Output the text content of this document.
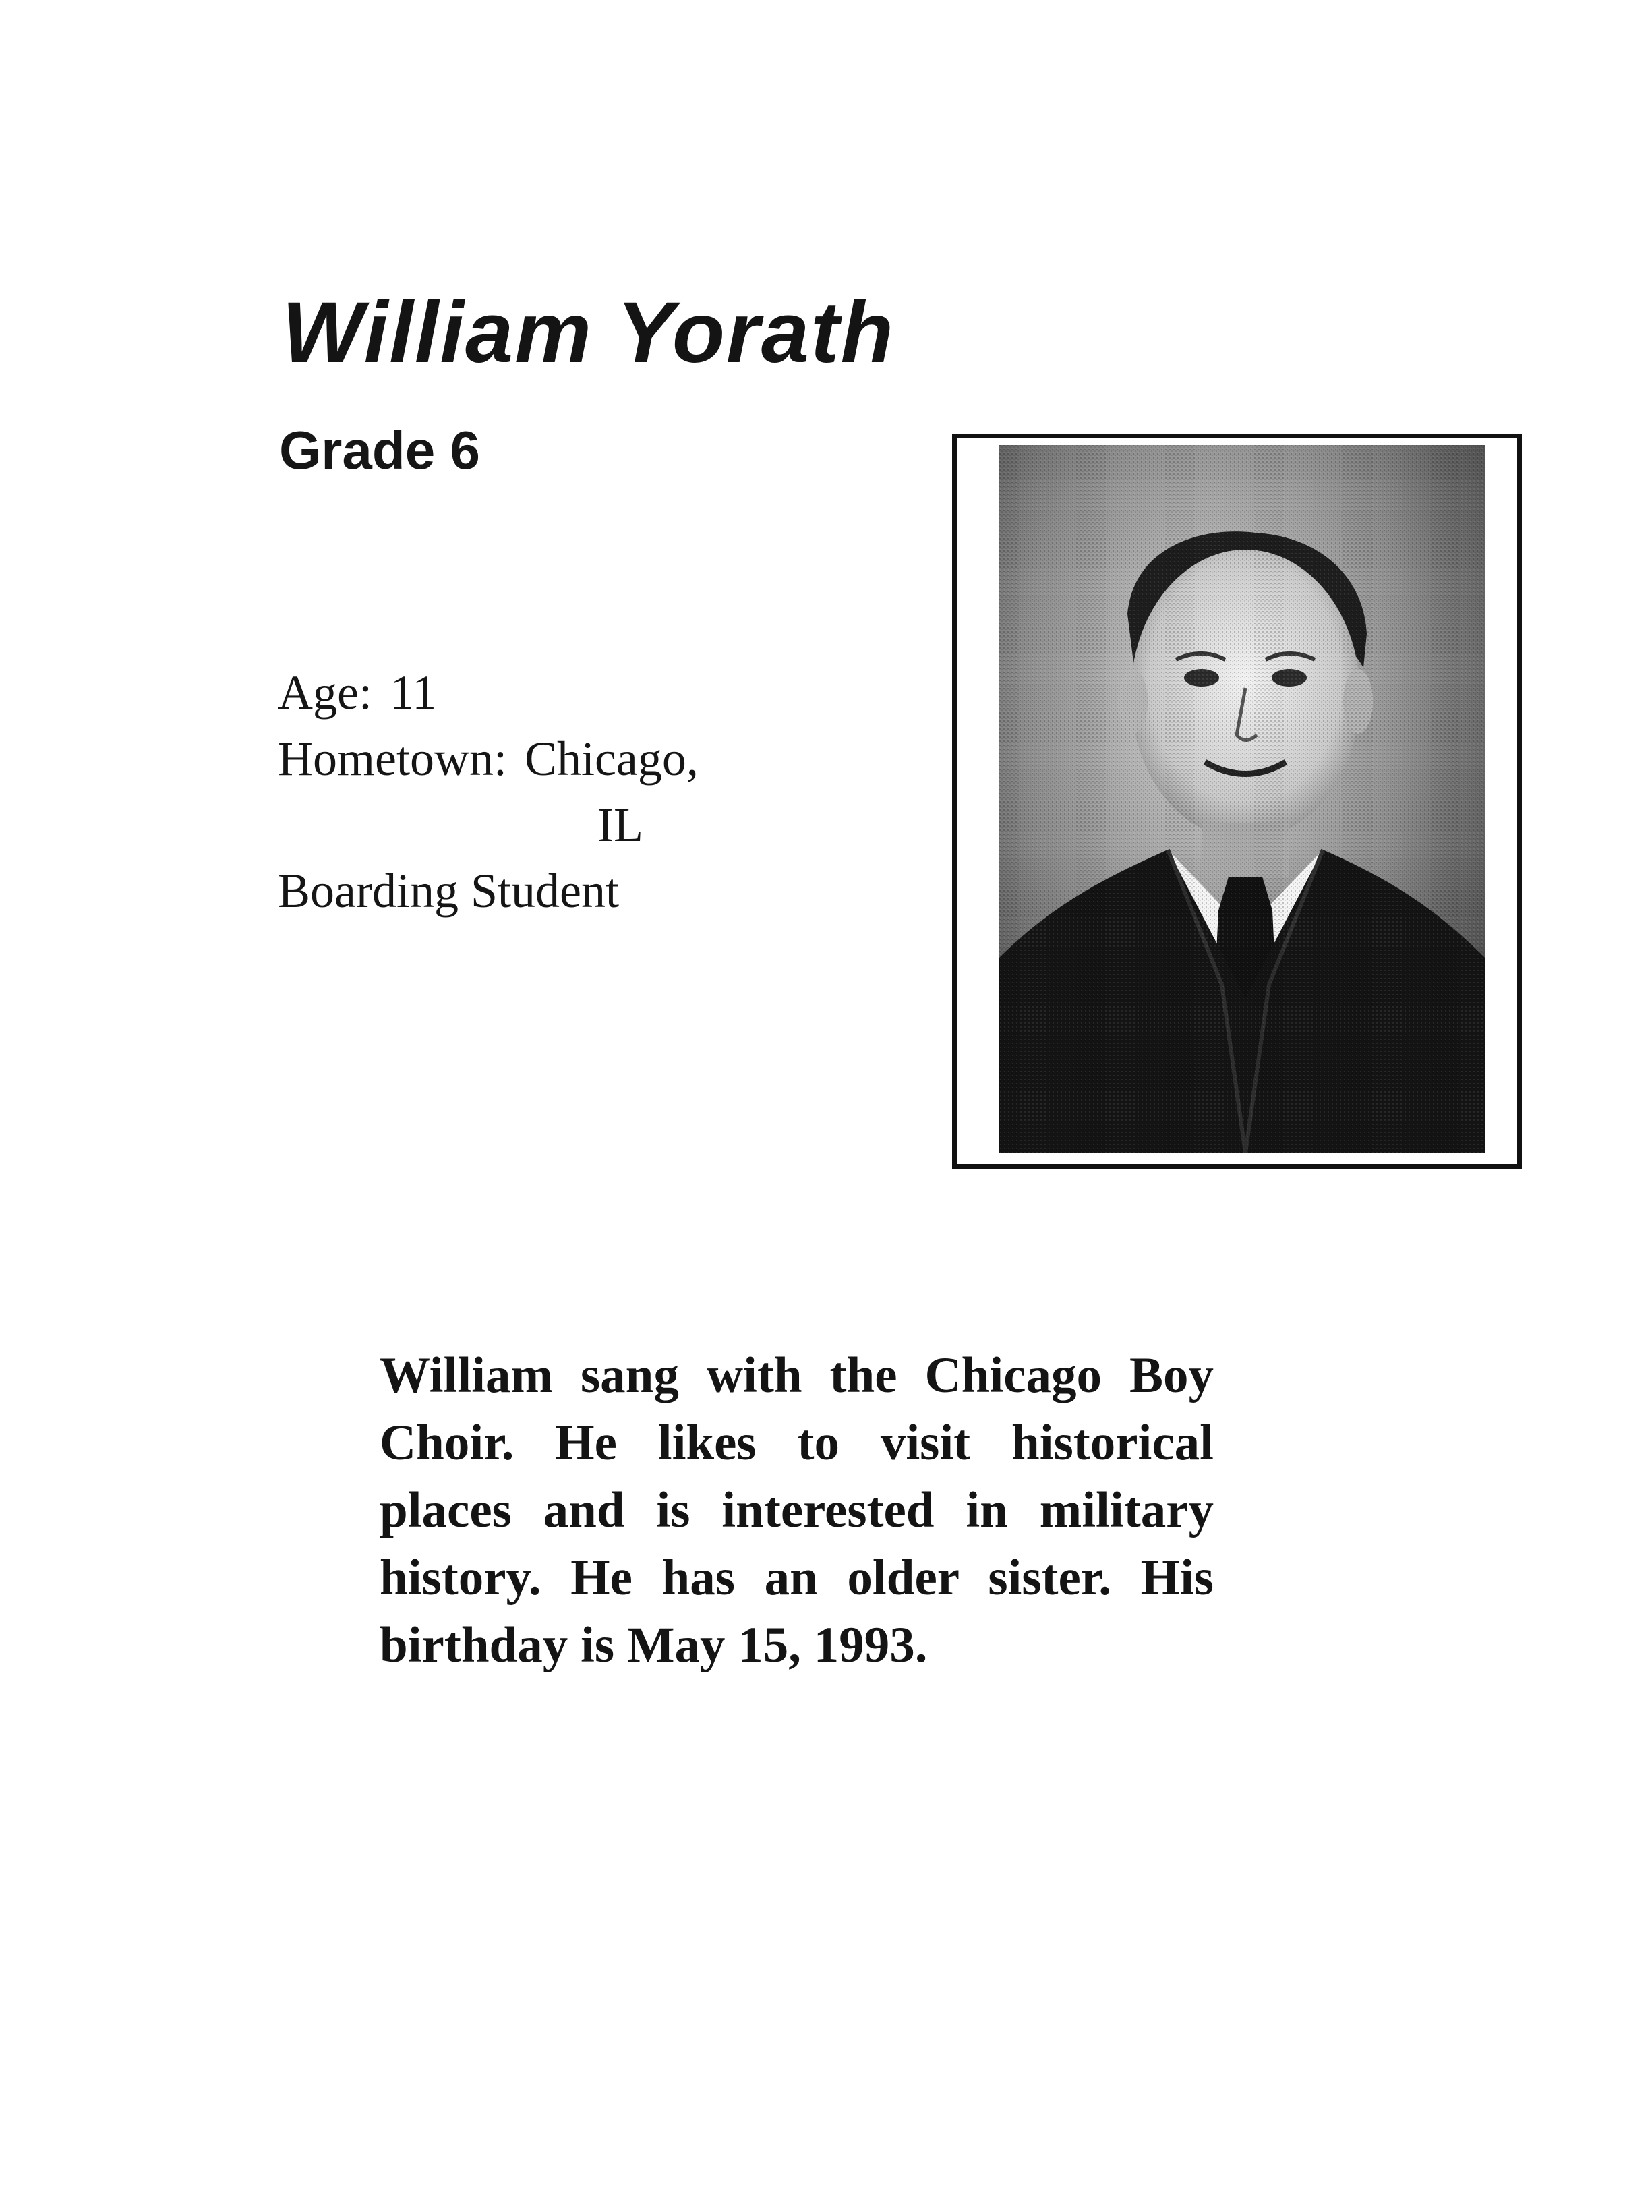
William Yorath
Grade 6
Age: 11
Hometown: Chicago,
IL
Boarding Student
William sang with the Chicago Boy Choir. He likes to visit historical places and is interested in military history. He has an older sister. His birthday is May 15, 1993.
